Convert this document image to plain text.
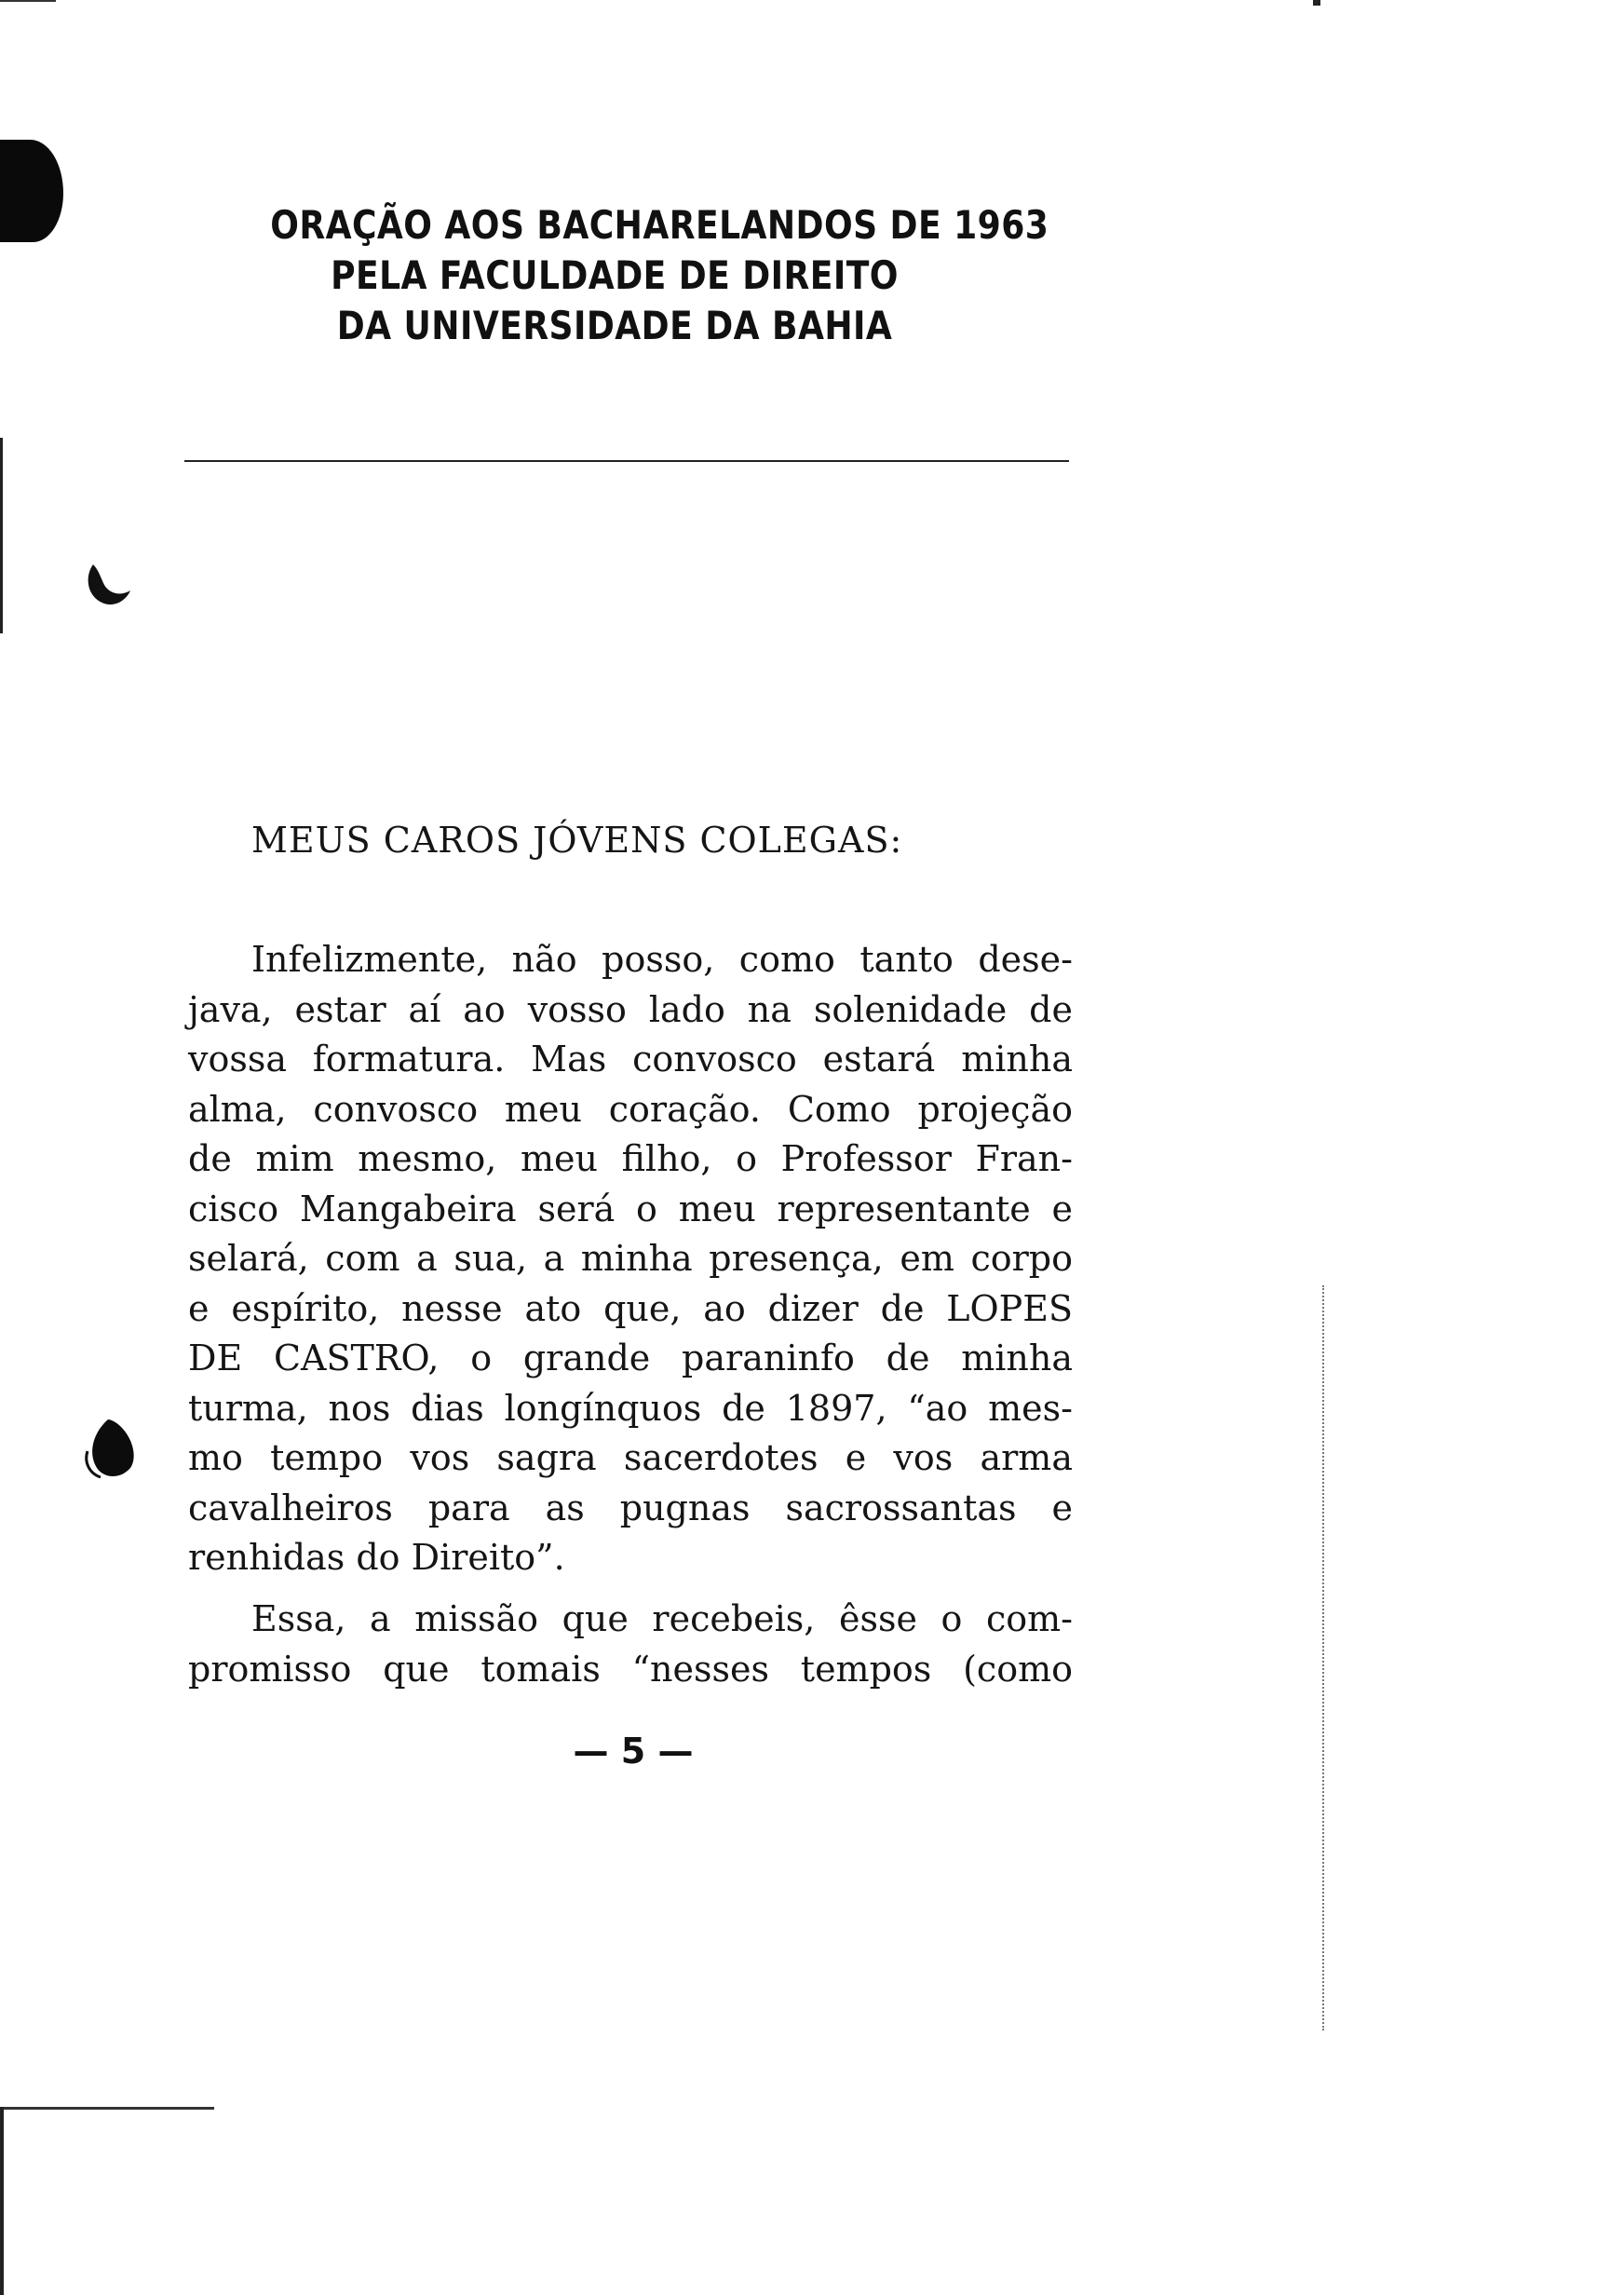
ORAÇÃO AOS BACHARELANDOS DE 1963
PELA FACULDADE DE DIREITO
DA UNIVERSIDADE DA BAHIA
MEUS CAROS JÓVENS COLEGAS:
Infelizmente, não posso, como tanto dese-
java, estar aí ao vosso lado na solenidade de
vossa formatura. Mas convosco estará minha
alma, convosco meu coração. Como projeção
de mim mesmo, meu filho, o Professor Fran-
cisco Mangabeira será o meu representante e
selará, com a sua, a minha presença, em corpo
e espírito, nesse ato que, ao dizer de LOPES
DE CASTRO, o grande paraninfo de minha
turma, nos dias longínquos de 1897, “ao mes-
mo tempo vos sagra sacerdotes e vos arma
cavalheiros para as pugnas sacrossantas e
renhidas do Direito”.
Essa, a missão que recebeis, êsse o com-
promisso que tomais “nesses tempos (como
— 5 —
